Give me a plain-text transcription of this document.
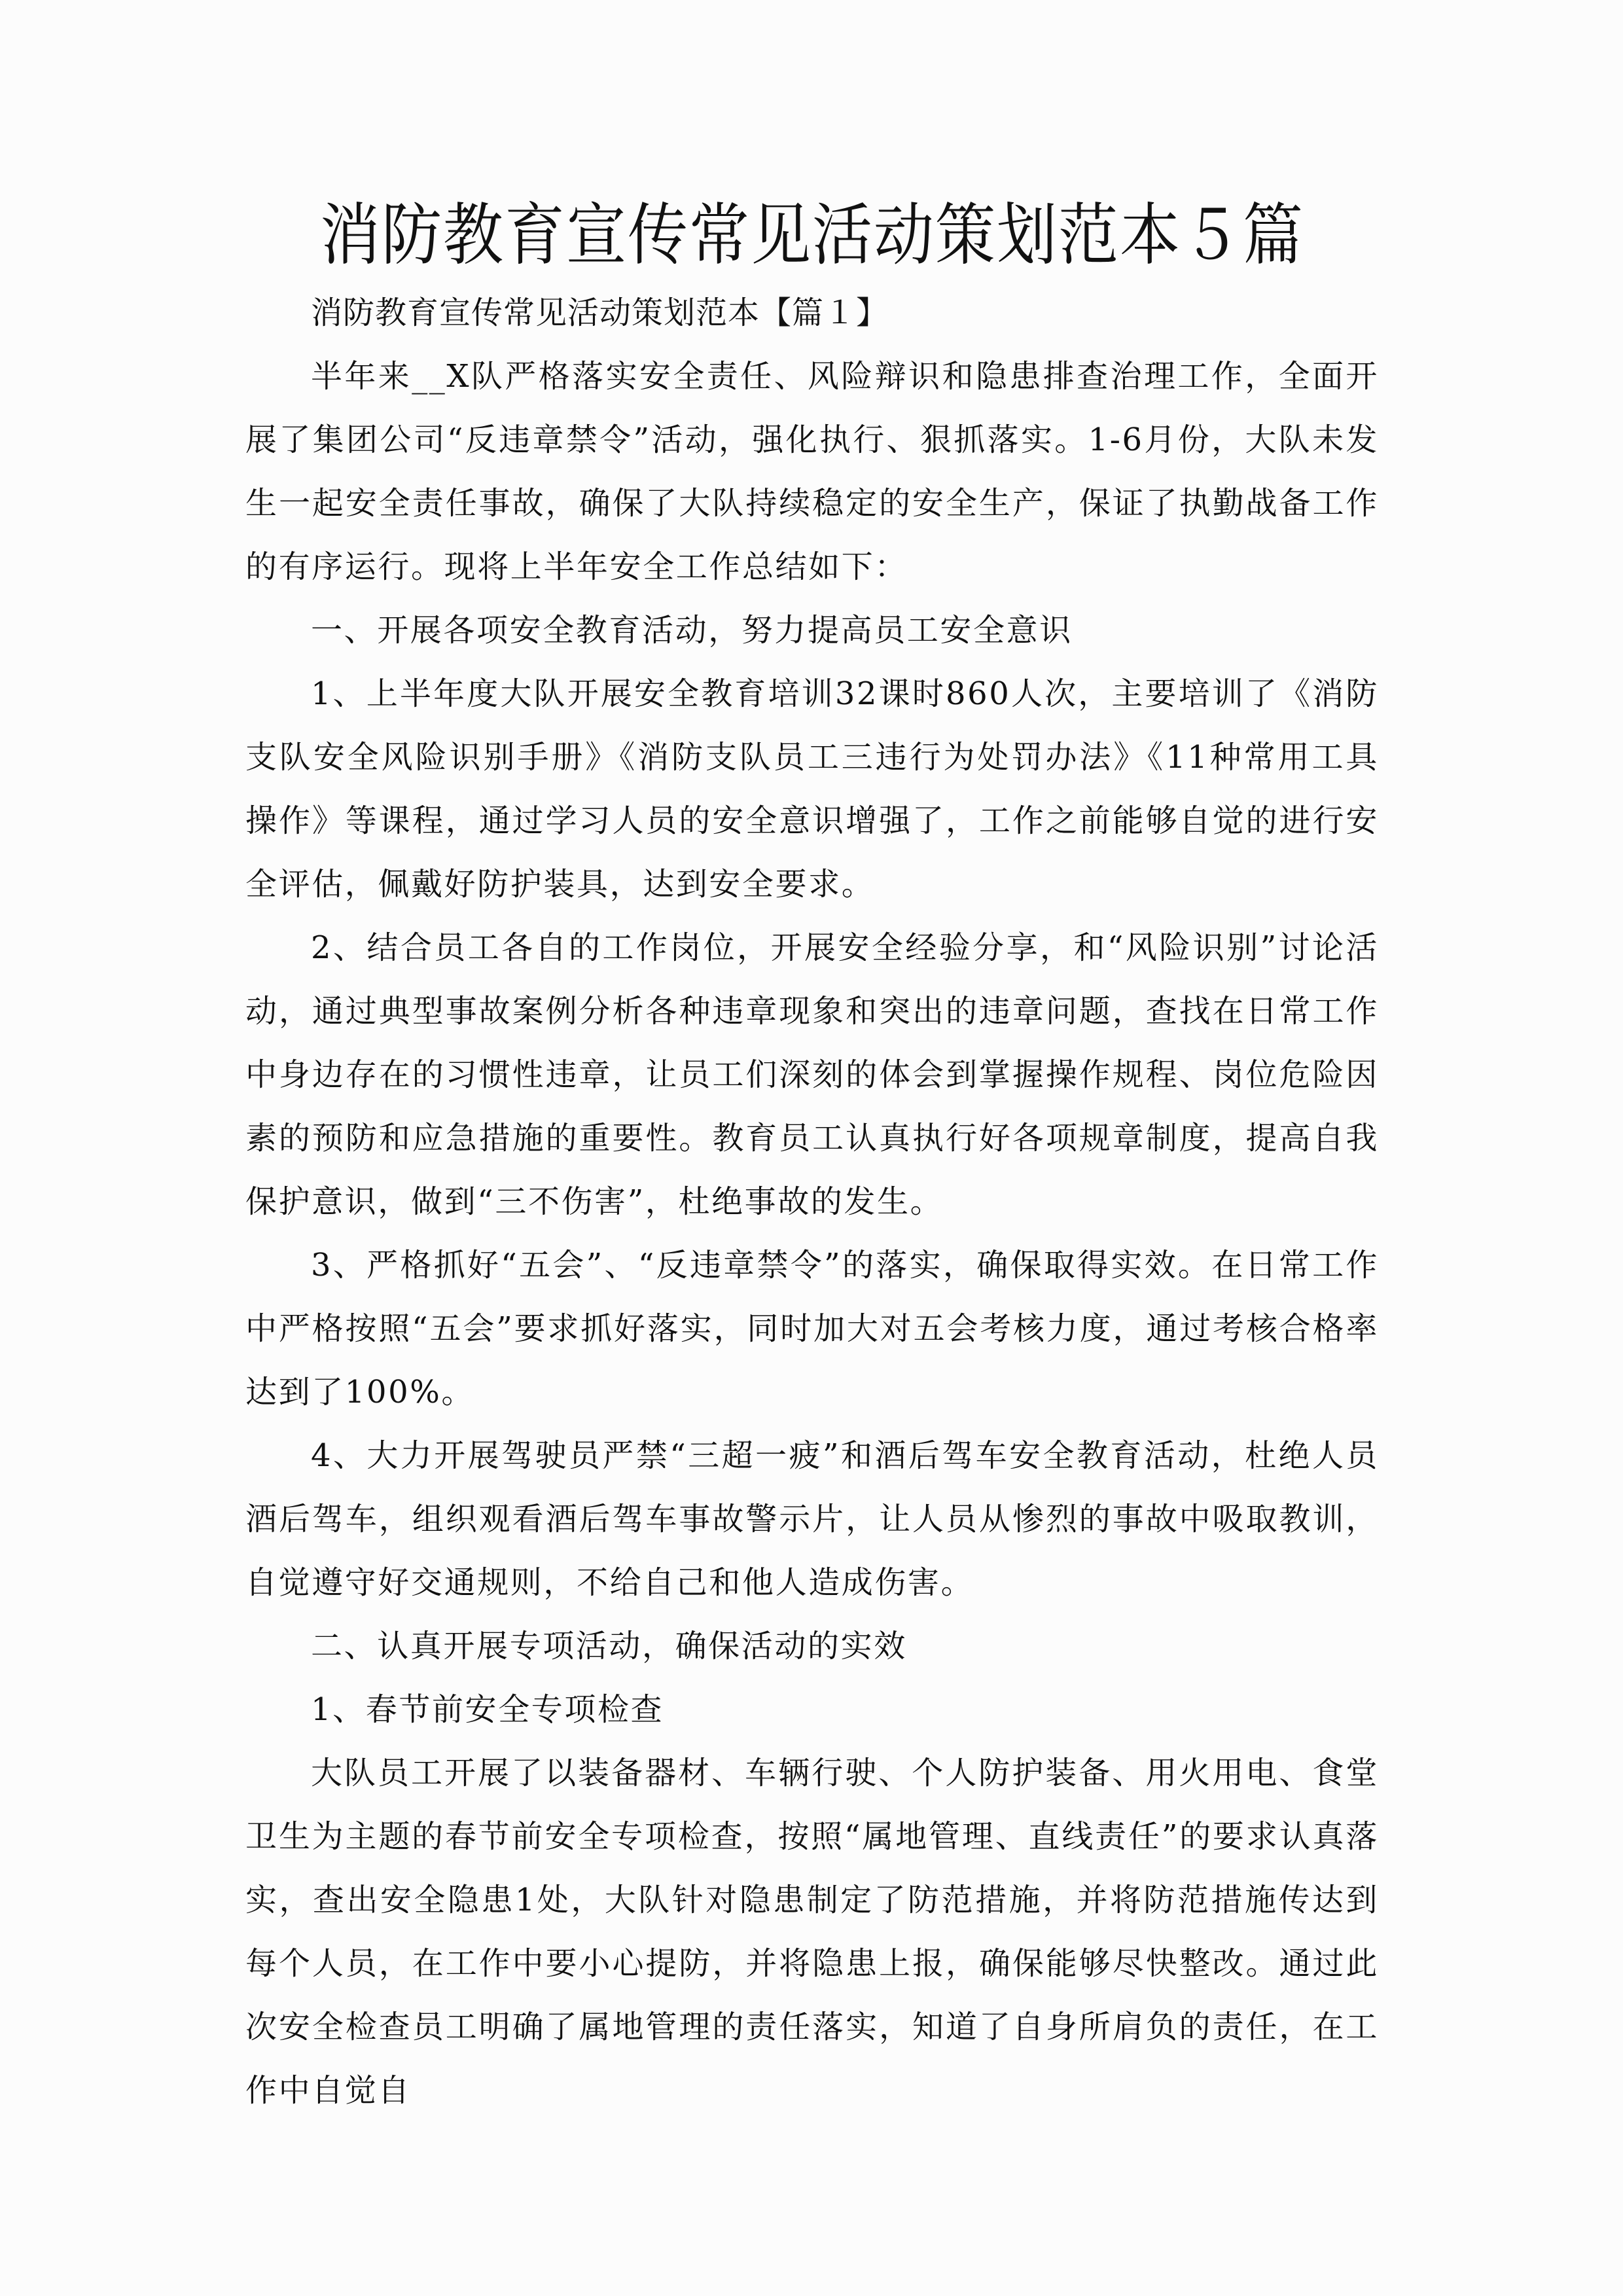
消防教育宣传常见活动策划范本５篇

消防教育宣传常见活动策划范本【篇１】

半年来__X队严格落实安全责任、风险辩识和隐患排查治理工作，全面开展了集团公司“反违章禁令”活动，强化执行、狠抓落实。1-6月份，大队未发生一起安全责任事故，确保了大队持续稳定的安全生产，保证了执勤战备工作的有序运行。现将上半年安全工作总结如下：

一、开展各项安全教育活动，努力提高员工安全意识

1、上半年度大队开展安全教育培训32课时860人次，主要培训了《消防支队安全风险识别手册》《消防支队员工三违行为处罚办法》《11种常用工具操作》等课程，通过学习人员的安全意识增强了，工作之前能够自觉的进行安全评估，佩戴好防护装具，达到安全要求。

2、结合员工各自的工作岗位，开展安全经验分享，和“风险识别”讨论活动，通过典型事故案例分析各种违章现象和突出的违章问题，查找在日常工作中身边存在的习惯性违章，让员工们深刻的体会到掌握操作规程、岗位危险因素的预防和应急措施的重要性。教育员工认真执行好各项规章制度，提高自我保护意识，做到“三不伤害”，杜绝事故的发生。

3、严格抓好“五会”、“反违章禁令”的落实，确保取得实效。在日常工作中严格按照“五会”要求抓好落实，同时加大对五会考核力度，通过考核合格率达到了100%。

4、大力开展驾驶员严禁“三超一疲”和酒后驾车安全教育活动，杜绝人员酒后驾车，组织观看酒后驾车事故警示片，让人员从惨烈的事故中吸取教训，自觉遵守好交通规则，不给自己和他人造成伤害。

二、认真开展专项活动，确保活动的实效

1、春节前安全专项检查

大队员工开展了以装备器材、车辆行驶、个人防护装备、用火用电、食堂卫生为主题的春节前安全专项检查，按照“属地管理、直线责任”的要求认真落实，查出安全隐患1处，大队针对隐患制定了防范措施，并将防范措施传达到每个人员，在工作中要小心提防，并将隐患上报，确保能够尽快整改。通过此次安全检查员工明确了属地管理的责任落实，知道了自身所肩负的责任，在工作中自觉自
